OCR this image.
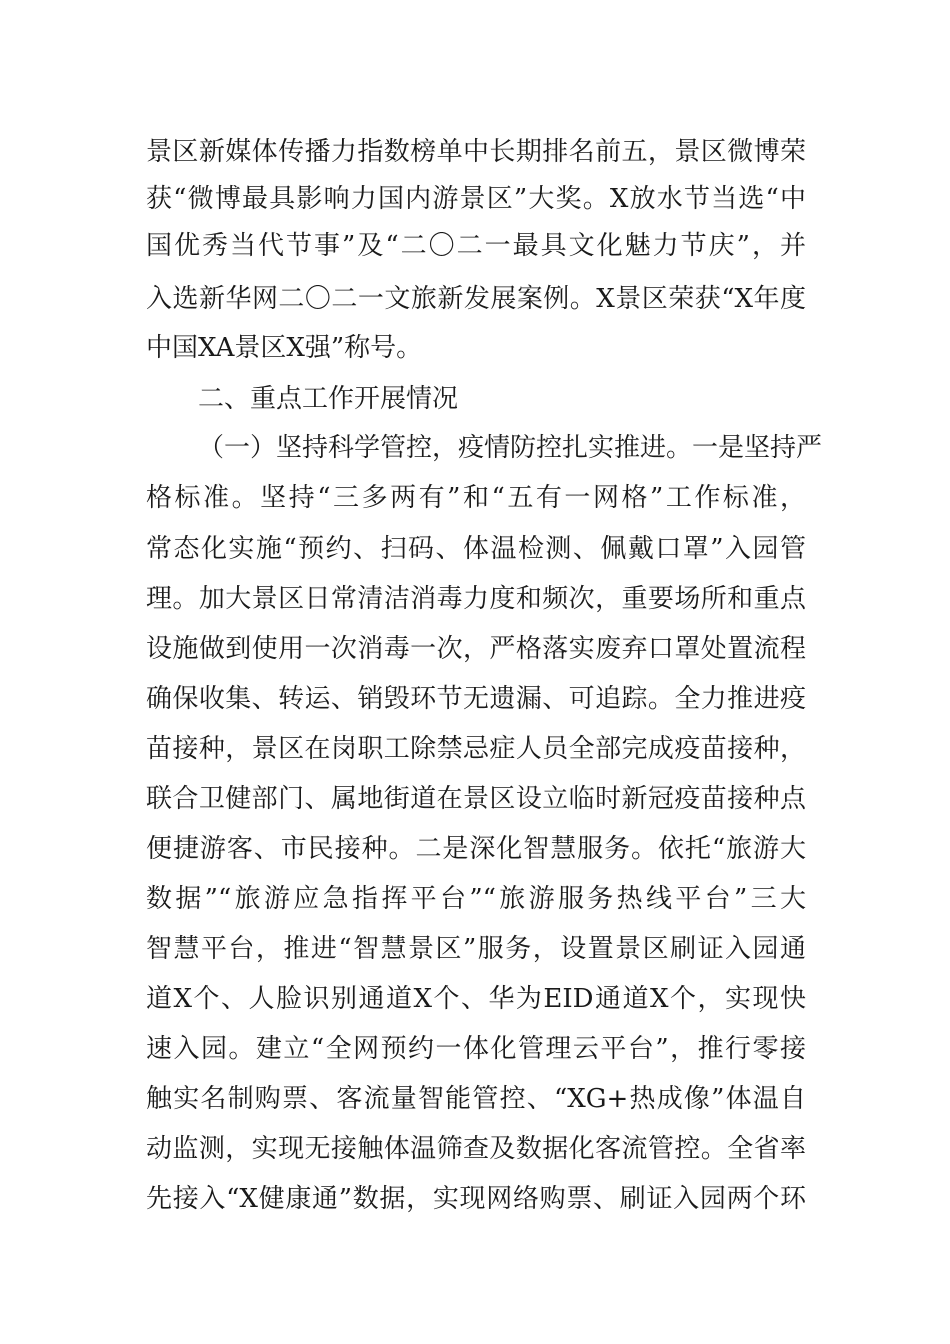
景区新媒体传播力指数榜单中长期排名前五，景区微博荣
获“微博最具影响力国内游景区”大奖。X放水节当选“中
国优秀当代节事”及“二〇二一最具文化魅力节庆”，并
入选新华网二〇二一文旅新发展案例。X景区荣获“X年度
中国XA景区X强”称号。
二、重点工作开展情况
（一）坚持科学管控，疫情防控扎实推进。一是坚持严
格标准。坚持“三多两有”和“五有一网格”工作标准，
常态化实施“预约、扫码、体温检测、佩戴口罩”入园管
理。加大景区日常清洁消毒力度和频次，重要场所和重点
设施做到使用一次消毒一次，严格落实废弃口罩处置流程
确保收集、转运、销毁环节无遗漏、可追踪。全力推进疫
苗接种，景区在岗职工除禁忌症人员全部完成疫苗接种，
联合卫健部门、属地街道在景区设立临时新冠疫苗接种点
便捷游客、市民接种。二是深化智慧服务。依托“旅游大
数据”“旅游应急指挥平台”“旅游服务热线平台”三大
智慧平台，推进“智慧景区”服务，设置景区刷证入园通
道X个、人脸识别通道X个、华为EID通道X个，实现快
速入园。建立“全网预约一体化管理云平台”，推行零接
触实名制购票、客流量智能管控、“XG+热成像”体温自
动监测，实现无接触体温筛查及数据化客流管控。全省率
先接入“X健康通”数据，实现网络购票、刷证入园两个环
